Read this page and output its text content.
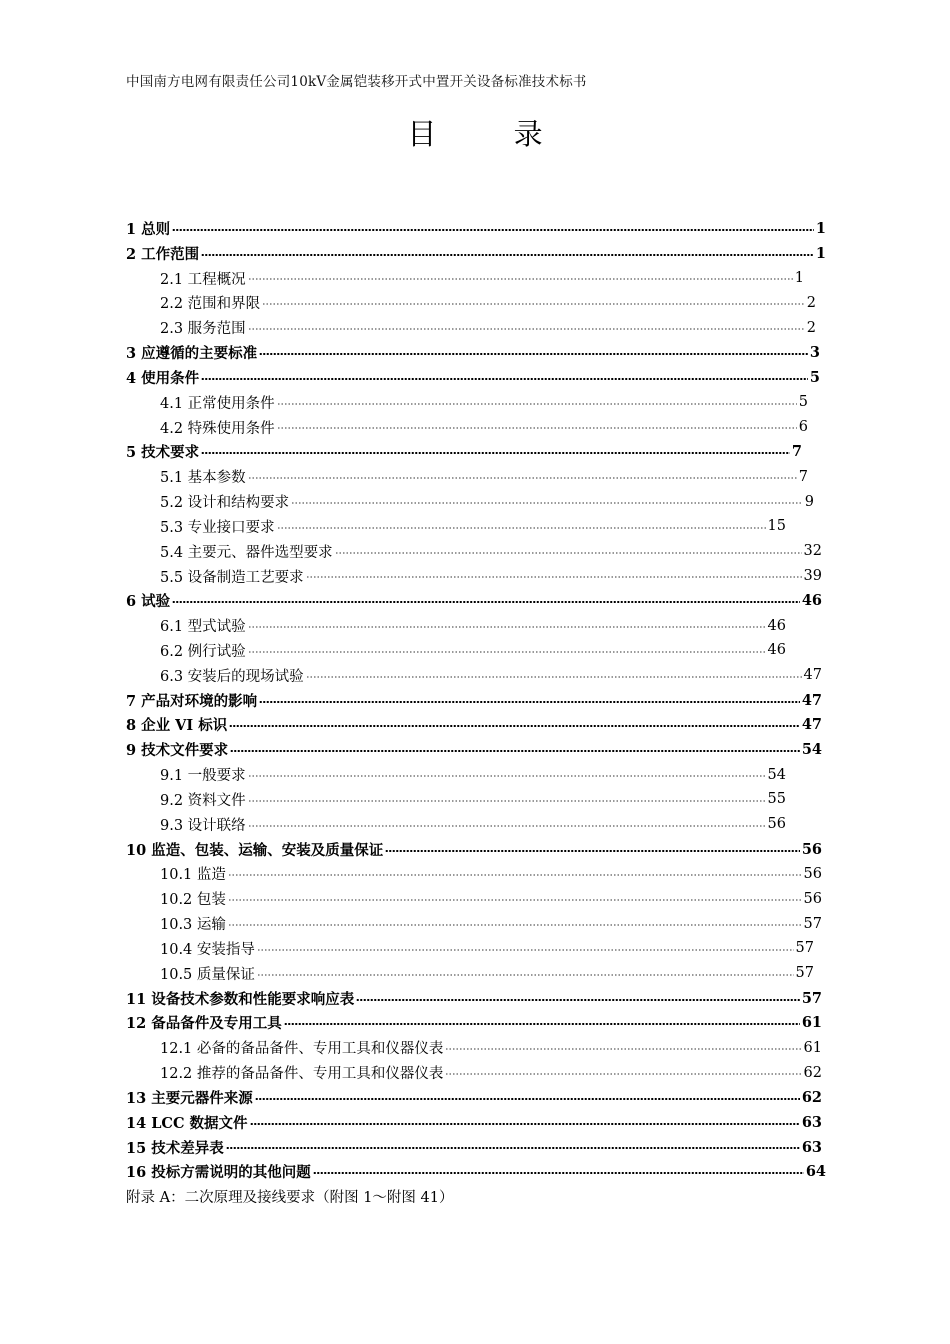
中国南方电网有限责任公司10kV金属铠装移开式中置开关设备标准技术标书
目 录
1 总则	1
2 工作范围	1
2.1 工程概况	1
2.2 范围和界限	2
2.3 服务范围	2
3 应遵循的主要标准	3
4 使用条件	5
4.1 正常使用条件	5
4.2 特殊使用条件	6
5 技术要求	7
5.1 基本参数	7
5.2 设计和结构要求	9
5.3 专业接口要求	15
5.4 主要元、器件选型要求	32
5.5 设备制造工艺要求	39
6 试验	46
6.1 型式试验	46
6.2 例行试验	46
6.3 安装后的现场试验	47
7 产品对环境的影响	47
8 企业 VI 标识	47
9 技术文件要求	54
9.1 一般要求	54
9.2 资料文件	55
9.3 设计联络	56
10 监造、包装、运输、安装及质量保证	56
10.1 监造	56
10.2 包装	56
10.3 运输	57
10.4 安装指导	57
10.5 质量保证	57
11 设备技术参数和性能要求响应表	57
12 备品备件及专用工具	61
12.1 必备的备品备件、专用工具和仪器仪表	61
12.2 推荐的备品备件、专用工具和仪器仪表	62
13 主要元器件来源	62
14 LCC 数据文件	63
15 技术差异表	63
16 投标方需说明的其他问题	64
附录 A：二次原理及接线要求（附图 1～附图 41）
